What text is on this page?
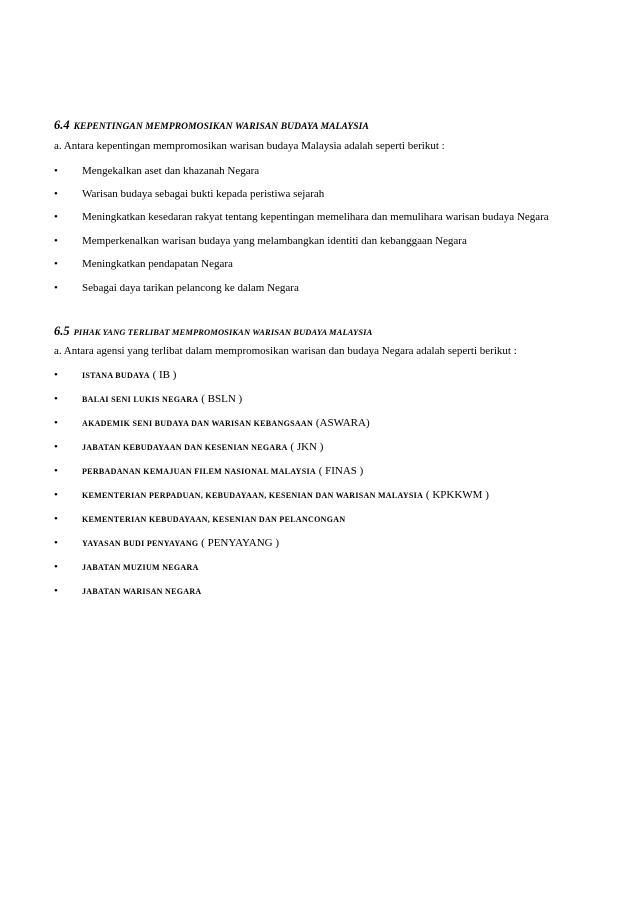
6.4 KEPENTINGAN MEMPROMOSIKAN WARISAN BUDAYA MALAYSIA
a. Antara kepentingan mempromosikan warisan budaya Malaysia adalah seperti berikut :
• Mengekalkan aset dan khazanah Negara
• Warisan budaya sebagai bukti kepada peristiwa sejarah
• Meningkatkan kesedaran rakyat tentang kepentingan memelihara dan memulihara warisan budaya Negara
• Memperkenalkan warisan budaya yang melambangkan identiti dan kebanggaan Negara
• Meningkatkan pendapatan Negara
• Sebagai daya tarikan pelancong ke dalam Negara
6.5 PIHAK YANG TERLIBAT MEMPROMOSIKAN WARISAN BUDAYA MALAYSIA
a. Antara agensi yang terlibat dalam mempromosikan warisan dan budaya Negara adalah seperti berikut :
•	ISTANA BUDAYA ( IB )
•	BALAI SENI LUKIS NEGARA ( BSLN )
•	AKADEMIK SENI BUDAYA DAN WARISAN KEBANGSAAN (ASWARA)
•	JABATAN KEBUDAYAAN DAN KESENIAN NEGARA ( JKN )
•	PERBADANAN KEMAJUAN FILEM NASIONAL MALAYSIA ( FINAS )
•	KEMENTERIAN PERPADUAN, KEBUDAYAAN, KESENIAN DAN WARISAN MALAYSIA ( KPKKWM )
•	KEMENTERIAN KEBUDAYAAN, KESENIAN DAN PELANCONGAN
•	YAYASAN BUDI PENYAYANG ( PENYAYANG )
•	JABATAN MUZIUM NEGARA
•	JABATAN WARISAN NEGARA
